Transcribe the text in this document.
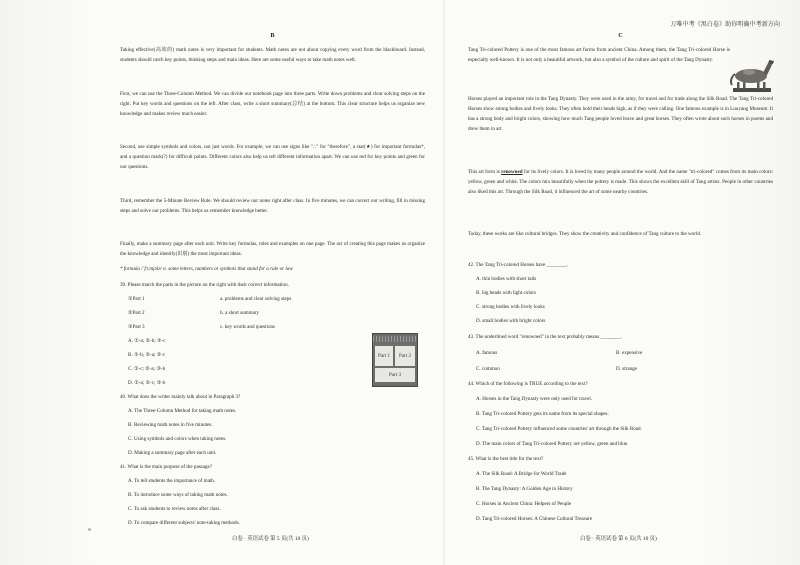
万唯中考《黑白卷》助你明确中考新方向
B

Taking effective(高效的) math notes is very important for students. Math notes are not about copying every word from the blackboard. Instead, students should catch key points, thinking steps and main ideas. Here are some useful ways to take math notes well.

First, we can use the Three-Column Method. We can divide our notebook page into three parts. Write down problems and clear solving steps on the right. Put key words and questions on the left. After class, write a short summary(总结) at the bottom. This clear structure helps us organize new knowledge and makes review much easier.

Second, use simple symbols and colors, not just words. For example, we can use signs like "∴" for "therefore", a star(★) for important formulas*, and a question mark(?) for difficult points. Different colors also help us tell different information apart. We can use red for key points and green for our questions.

Third, remember the 5-Minute Review Rule. We should review our notes right after class. In five minutes, we can correct our writing, fill in missing steps and solve our problems. This helps us remember knowledge better.

Finally, make a summary page after each unit. Write key formulas, rules and examples on one page. The act of creating this page makes us organize the knowledge and identify(识别) the most important ideas.

* formula /ˈfɔːmjələ/ n. some letters, numbers or symbols that stand for a rule or law

39. Please match the parts in the picture on the right with their correct information.

①Part 1	a. problems and clear solving steps

②Part 2	b. a short summary

③Part 3	c. key words and questions

A. ①-a; ②-b; ③-c

B. ①-b; ②-a; ③-c

C. ①-c; ②-a; ③-b

D. ①-a; ②-c; ③-b

40. What does the writer mainly talk about in Paragraph 3?

A. The Three-Column Method for taking math notes.

B. Reviewing math notes in five minutes.

C. Using symbols and colors when taking notes.

D. Making a summary page after each unit.

41. What is the main purpose of the passage?

A. To tell students the importance of math.

B. To introduce some ways of taking math notes.

C. To ask students to review notes after class.

D. To compare different subjects' note-taking methods.

白卷 · 英语试卷 第 5 页(共 10 页)
Part 1	Part 2
Part 3
C

Tang Tri-colored Pottery is one of the most famous art forms from ancient China. Among them, the Tang Tri-colored Horse is especially well-known. It is not only a beautiful artwork, but also a symbol of the culture and spirit of the Tang Dynasty.

Horses played an important role in the Tang Dynasty. They were used in the army, for travel and for trade along the Silk Road. The Tang Tri-colored Horses show strong bodies and lively looks. They often hold their heads high, as if they were calling. One famous example is in Luoyang Museum. It has a strong body and bright colors, showing how much Tang people loved brave and great horses. They often wrote about such horses in poems and drew them in art.

This art form is renowned for its lively colors. It is loved by many people around the world. And the name "tri-colored" comes from its main colors: yellow, green and white. The colors mix beautifully when the pottery is made. This shows the excellent skill of Tang artists. People in other countries also liked this art. Through the Silk Road, it influenced the art of some nearby countries.

Today, these works are like cultural bridges. They show the creativity and confidence of Tang culture to the world.

42. The Tang Tri-colored Horses have ________.

A. thin bodies with short tails

B. big heads with light colors

C. strong bodies with lively looks

D. small bodies with bright colors

43. The underlined word "renowned" in the text probably means ________.

A. famous	B. expensive

C. common	D. strange

44. Which of the following is TRUE according to the text?

A. Horses in the Tang Dynasty were only used for travel.

B. Tang Tri-colored Pottery gets its name from its special shapes.

C. Tang Tri-colored Pottery influenced some countries' art through the Silk Road.

D. The main colors of Tang Tri-colored Pottery are yellow, green and blue.

45. What is the best title for the text?

A. The Silk Road: A Bridge for World Trade

B. The Tang Dynasty: A Golden Age in History

C. Horses in Ancient China: Helpers of People

D. Tang Tri-colored Horses: A Chinese Cultural Treasure

白卷 · 英语试卷 第 6 页(共 10 页)
